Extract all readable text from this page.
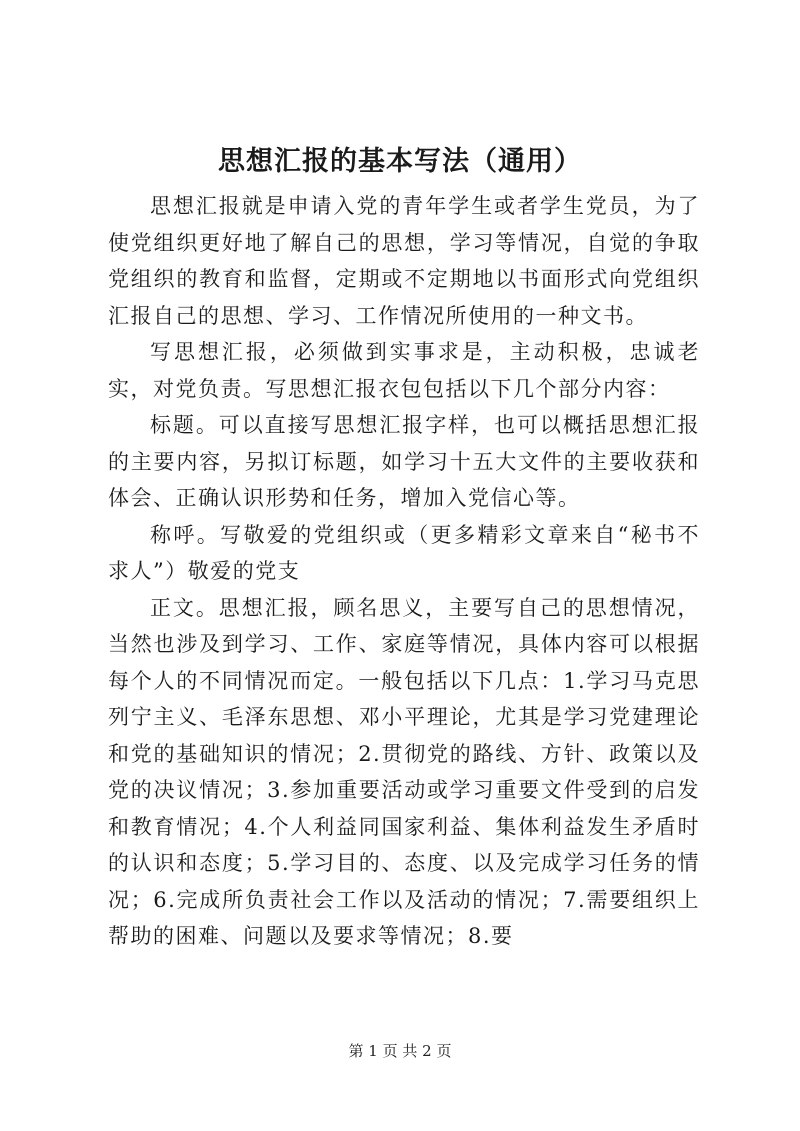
思想汇报的基本写法（通用）

思想汇报就是申请入党的青年学生或者学生党员，为了使党组织更好地了解自己的思想，学习等情况，自觉的争取党组织的教育和监督，定期或不定期地以书面形式向党组织汇报自己的思想、学习、工作情况所使用的一种文书。

写思想汇报，必须做到实事求是，主动积极，忠诚老实，对党负责。写思想汇报衣包包括以下几个部分内容：

标题。可以直接写思想汇报字样，也可以概括思想汇报的主要内容，另拟订标题，如学习十五大文件的主要收获和体会、正确认识形势和任务，增加入党信心等。

称呼。写敬爱的党组织或（更多精彩文章来自“秘书不求人”）敬爱的党支

正文。思想汇报，顾名思义，主要写自己的思想情况，当然也涉及到学习、工作、家庭等情况，具体内容可以根据每个人的不同情况而定。一般包括以下几点：1.学习马克思列宁主义、毛泽东思想、邓小平理论，尤其是学习党建理论和党的基础知识的情况；2.贯彻党的路线、方针、政策以及党的决议情况；3.参加重要活动或学习重要文件受到的启发和教育情况；4.个人利益同国家利益、集体利益发生矛盾时的认识和态度；5.学习目的、态度、以及完成学习任务的情况；6.完成所负责社会工作以及活动的情况；7.需要组织上帮助的困难、问题以及要求等情况；8.要

第 1 页 共 2 页
